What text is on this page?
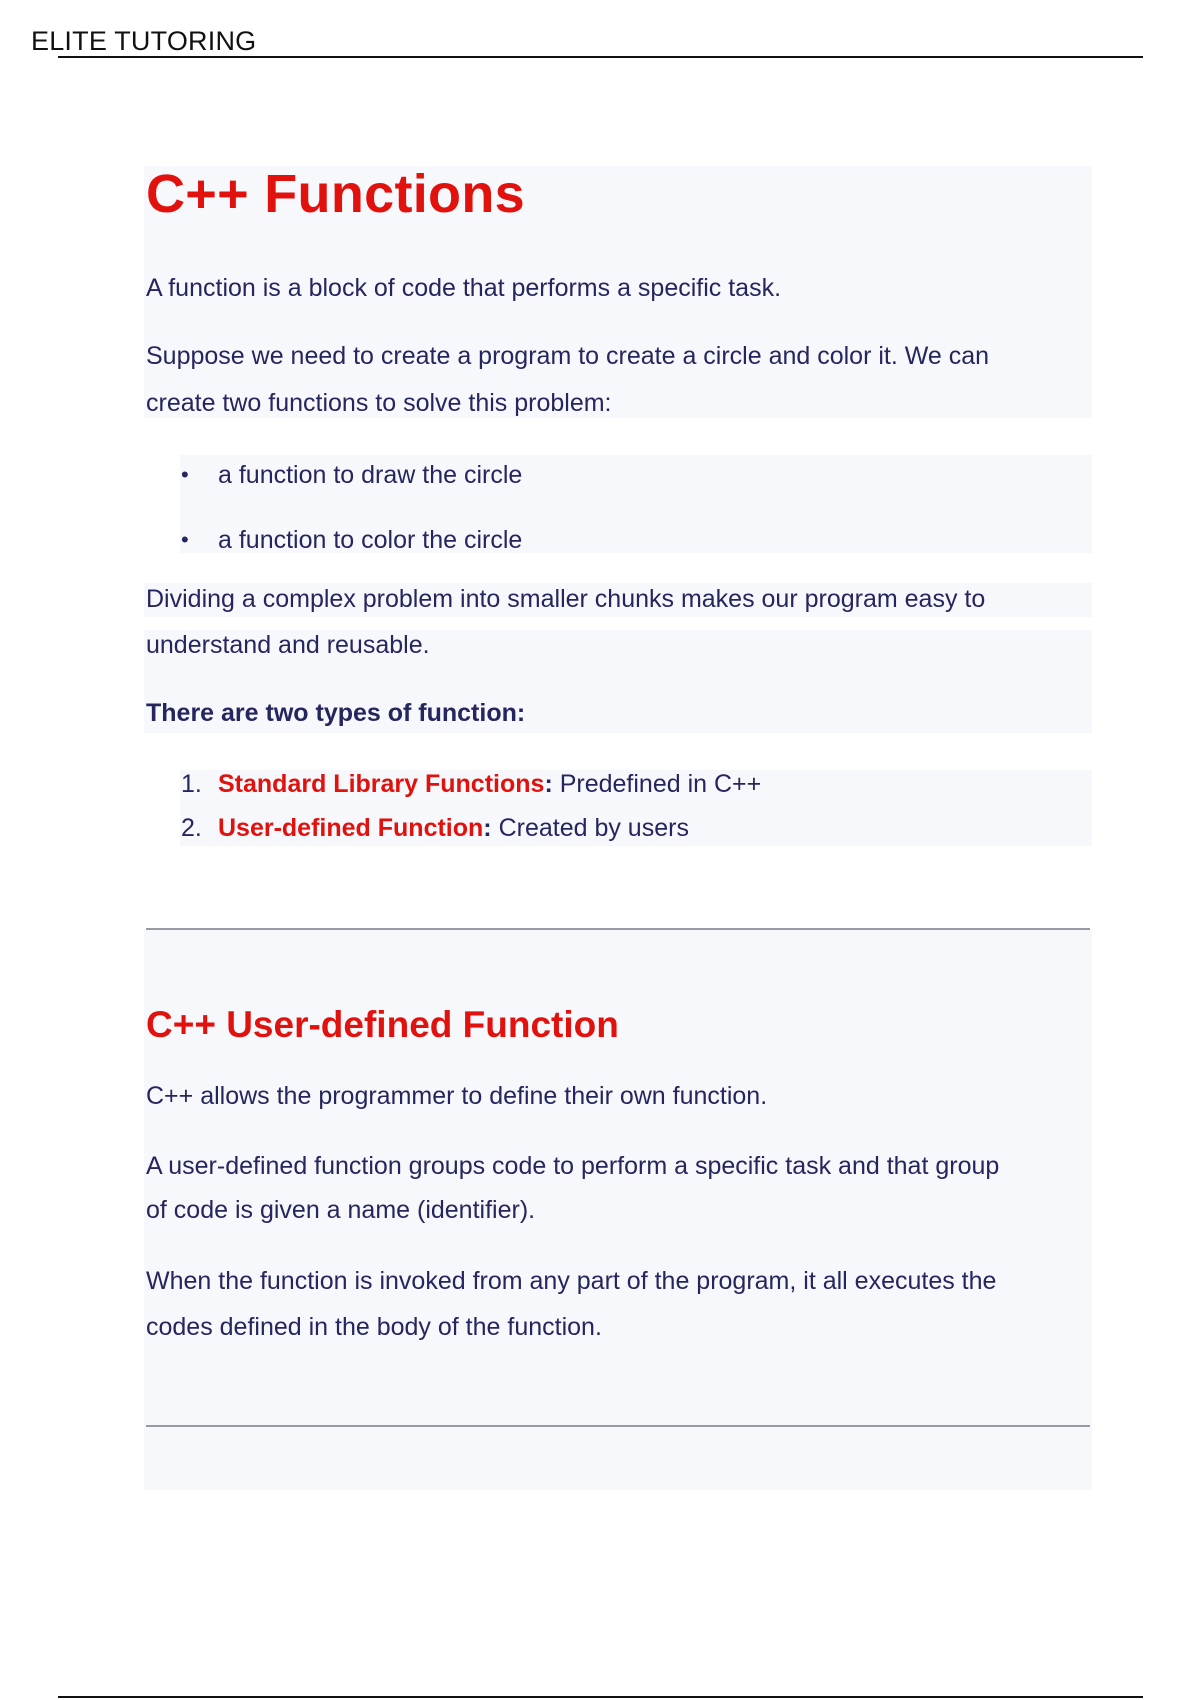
ELITE TUTORING
C++ Functions

A function is a block of code that performs a specific task.

Suppose we need to create a program to create a circle and color it. We can

create two functions to solve this problem:

• a function to draw the circle
• a function to color the circle

Dividing a complex problem into smaller chunks makes our program easy to

understand and reusable.

There are two types of function:
1. Standard Library Functions: Predefined in C++
2. User-defined Function: Created by users
C++ User-defined Function

C++ allows the programmer to define their own function.

A user-defined function groups code to perform a specific task and that group

of code is given a name (identifier).

When the function is invoked from any part of the program, it all executes the

codes defined in the body of the function.
